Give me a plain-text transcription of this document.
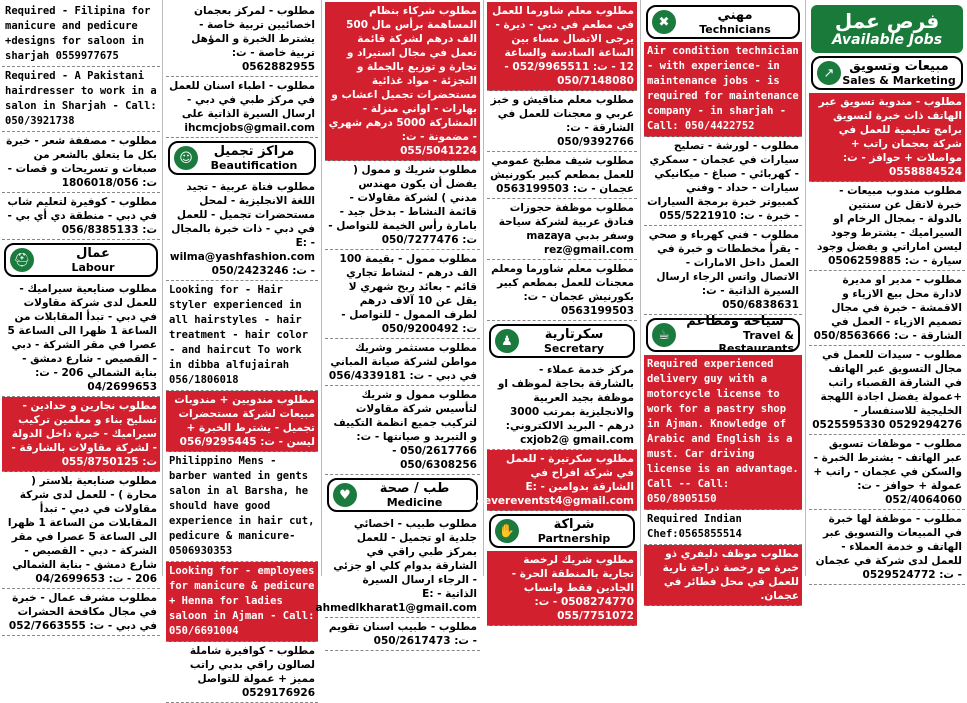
Required - Filipina for manicure and pedicure +designs for saloon in sharjah 0559977675
Required - A Pakistani hairdresser to work in a salon in Sharjah - Call: 050/3921738
مطلوب - مصففة شعر - خبرة بكل ما يتعلق بالشعر من صبغات و تسريحات و قصات - ت: 1806018/056
مطلوب - كوفيرة لتعليم شاب في دبي - منطقة دي أي بي - ت: 056/8385133
عمال
Labour
⛑
مطلوب صنايعية سيراميك - للعمل لدى شركة مقاولات في دبي - تبدأ المقابلات من الساعة 1 ظهرا الى الساعة 5 عصرا في مقر الشركة - دبي - القصيص - شارع دمشق - بناية الشمالي 206 - ت: 04/2699653
مطلوب نجارين و حدادين - تسليح بناء و معلمين تركيب سيراميك - خبرة داخل الدولة - لشركة مقاولات بالشارقة - ت: 055/8750125
مطلوب صنايعية بلاستر ( محارة ) - للعمل لدى شركة مقاولات في دبي - تبدأ المقابلات من الساعة 1 ظهرا الى الساعة 5 عصرا في مقر الشركة - دبي - القصيص - شارع دمشق - بناية الشمالي 206 - ت: 04/2699653
مطلوب مشرف عمال - خبرة في مجال مكافحة الحشرات في دبي - ت: 052/7663555
مطلوب - لمركز بعجمان اخصائيين تربية خاصة - يشترط الخبرة و المؤهل تربية خاصة - ت: 0562882955
مطلوب - اطباء اسنان للعمل في مركز طبي في دبي - ارسال السيرة الذاتية على ihcmcjobs@gmail.com
مراكز تجميل
Beautification
☺
مطلوب فتاة عربية - تجيد اللغة الانجليزية - لمحل مستحضرات تجميل - للعمل في دبي - ذات خبرة بالمجال - E: wilma@yashfashion.com - ت: 050/2423246
Looking for - Hair styler experienced in all hairstyles - hair treatment - hair color - and haircut To work in dibba alfujairah 056/1806018
مطلوب مندوبين + مندوبات مبيعات لشركة مستحضرات تجميل - يشترط الخبرة + ليسن - ت: 056/9295445
Philippino Mens - barber wanted in gents salon in al Barsha, he should have good experience in hair cut, pedicure & manicure- 0506930353
Looking for - employees for manicure & pedicure + Henna for ladies saloon in Ajman - Call: 050/6691004
مطلوب - كوافيرة شاملة لصالون راقي بدبي راتب مميز + عمولة للتواصل 0529176926
مطلوب شركاء بنظام المساهمة برأس مال 500 الف درهم لشركة قائمة تعمل في مجال استيراد و تجارة و توزيع بالجملة و التجزئة - مواد غذائية مستحضرات تجميل اعشاب و بهارات - اواني منزلة - المشاركة 5000 درهم شهري - مضمونة - ت: 055/5041224
مطلوب شريك و ممول ( يفضل أن يكون مهندس مدني ) لشركة مقاولات - قائمة النشاط - بدخل جيد - بامارة رأس الخيمة للتواصل - ت: 050/7277476
مطلوب ممول - بقيمة 100 الف درهم - لنشاط تجاري قائم - بعائد ربح شهري لا يقل عن 10 آلاف درهم لطرف الممول - للتواصل - ت: 050/9200492
مطلوب مستثمر وشريك مواطن لشركة صيانة المباني في دبي - ت: 056/4339181
مطلوب ممول و شريك لتأسيس شركة مقاولات لتركيب جميع انظمة التكييف و التبريد و صيانتها - ت: 050/2617766 - 050/6308256
طب / صحة
Medicine
♥
مطلوب طبيب - اخصائي جلدية او تجميل - للعمل بمركز طبي راقي في الشارقة بدوام كلي او جزئي - الرجاء ارسال السيرة الذاتية - E: ahmedlkharat1@gmail.com
مطلوب - طبيب اسنان تقويم - ت: 050/2617473
مطلوب معلم شاورما للعمل في مطعم في دبي - ديرة - يرجى الاتصال مساء بين الساعة السادسة والساعة 12 - ت: 052/9965511 - 050/7148080
مطلوب معلم مناقيش و خبز عربي و معجنات للعمل في الشارقة - ت: 050/9392766
مطلوب شيف مطبخ عمومي للعمل بمطعم كبير بكورنيش عجمان - ت: 0563199503
مطلوب موظفة حجوزات فنادق عربية لشركة سياحة وسفر بدبي mazaya rez@gmail.com
مطلوب معلم شاورما ومعلم معجنات للعمل بمطعم كبير بكورنيش عجمان - ت: 0563199503
سكرتارية
Secretary
♟
مركز خدمة عملاء - بالشارقة بحاجة لموظف او موظفة بجيد العربية والانجليزية بمرتب 3000 درهم - البريد الالكتروني: cxjob2@ gmail.com
مطلوب سكرتيرة - للعمل في شركة افراح في الشارقة بدوامين - E: 4evereventst4@gmail.com
شراكة
Partnership
✋
مطلوب شريك لرخصة تجارية بالمنطقة الحرة - الجادين فقط واتساب 0508274770 - ت: 055/7751072
مهني
Technicians
✖
Air condition technician - with experience- in maintenance jobs - is required for maintenance company - in sharjah - Call: 050/4422752
مطلوب - لورشة - تصليح سيارات في عجمان - سمكري - كهربائي - صباغ - ميكانيكي سيارات - حداد - وفني كمبيوتر خبرة برمجة السيارات - خبرة - ت: 055/5221910
مطلوب - فني كهرباء و صحي - يقرأ مخططات و خبرة في العمل داخل الامارات - الاتصال واتس الرجاء ارسال السيرة الذاتية - ت: 050/6838631
سياحة ومطاعم
Travel & Restaurants
☕
Required experienced delivery guy with a motorcycle license to work for a pastry shop in Ajman. Knowledge of Arabic and English is a must. Car driving license is an advantage. Call -- Call: 050/8905150
Required Indian Chef:0565855514
مطلوب موظف دليفري ذو خبرة مع رخصة دراجة نارية للعمل في محل فطائر في عجمان.
فرص عمل
Available Jobs
مبيعات وتسويق
Sales & Marketing
↗
مطلوب - مندوبة تسويق عبر الهاتف ذات خبرة لتسويق برامج تعليمية للعمل في شركة بعجمان راتب + مواصلات + حوافز - ت: 0558884524
مطلوب مندوب مبيعات - خبرة لاتقل عن سنتين بالدولة - بمجال الرخام او السيراميك - يشترط وجود ليسن اماراتي و يفضل وجود سيارة - ت: 0506259885
مطلوب - مدير او مديرة لادارة محل بيع الازياء و الاقمشة - خبرة في مجال تصميم الازياء - العمل في الشارقة - ت: 050/8563666
مطلوب - سيدات للعمل في مجال التسويق عبر الهاتف في الشارقة القصباء راتب +عمولة يفضل اجادة اللهجة الخليجية للاستفسار - 0529294276 0525595330
مطلوب - موظفات تسويق عبر الهاتف - يشترط الخبرة - والسكن في عجمان - راتب + عمولة + حوافز - ت: 052/4064060
مطلوب - موظفة لها خبرة في المبيعات والتسويق عبر الهاتف و خدمة العملاء - للعمل لدى شركة في عجمان - ت: 0529524772
